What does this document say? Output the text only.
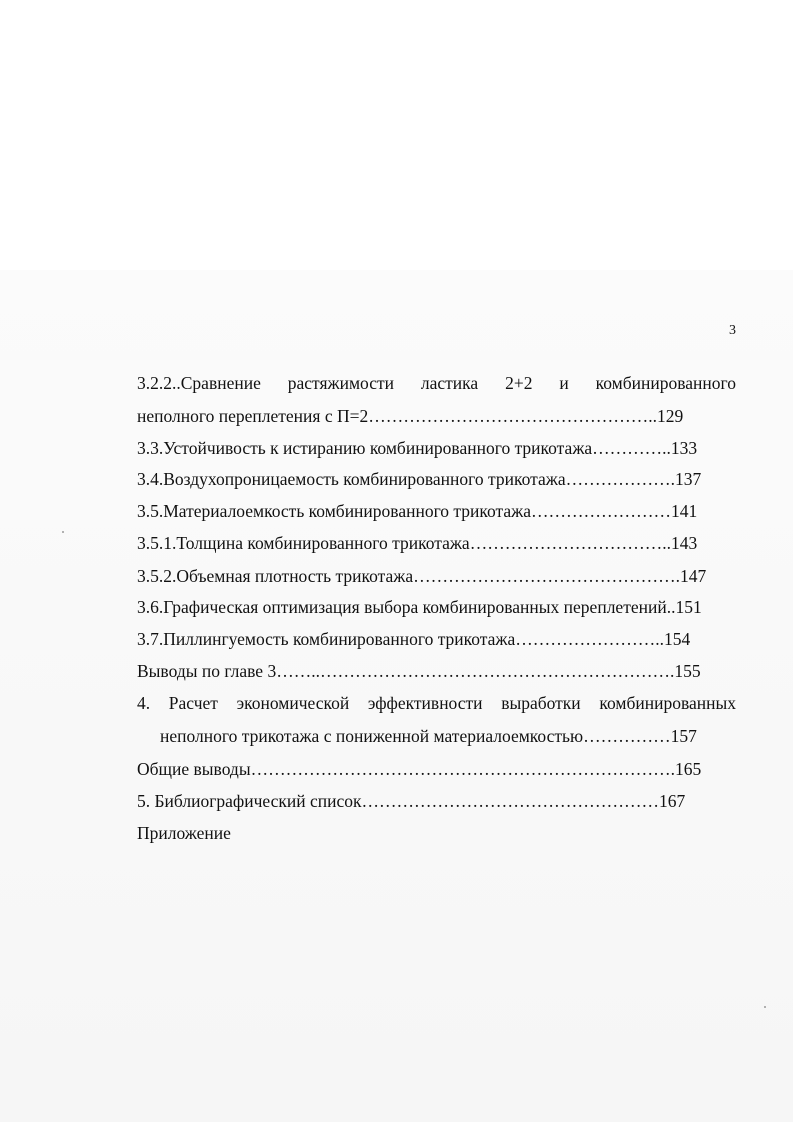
3
3.2.2..Сравнение растяжимости ластика 2+2 и комбинированного
неполного переплетения с П=2…………………………………………..129
3.3.Устойчивость к истиранию комбинированного трикотажа…………..133
3.4.Воздухопроницаемость комбинированного трикотажа……………….137
3.5.Материалоемкость комбинированного трикотажа……………………141
3.5.1.Толщина комбинированного трикотажа……………………………..143
3.5.2.Объемная плотность трикотажа……………………………………….147
3.6.Графическая оптимизация выбора комбинированных переплетений..151
3.7.Пиллингуемость комбинированного трикотажа……………………..154
Выводы по главе 3……..…………………………………………………….155
4. Расчет экономической эффективности выработки комбинированных
неполного трикотажа с пониженной материалоемкостью……………157
Общие выводы……………………………………………………………….165
5. Библиографический список……………………………………………167
Приложение
